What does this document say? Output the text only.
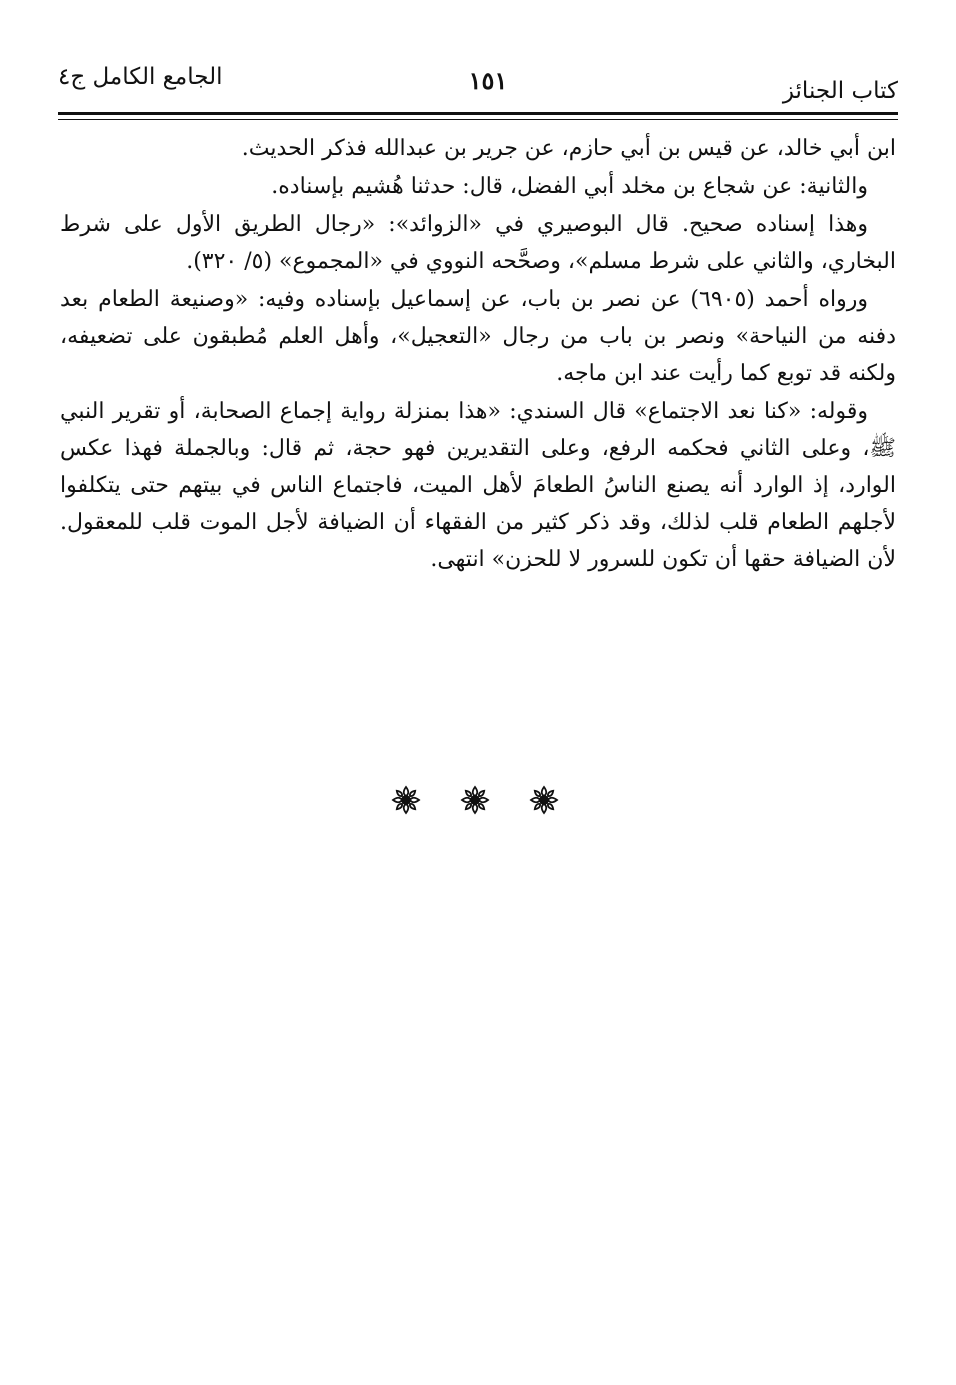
كتاب الجنائز
١٥١
الجامع الكامل ج٤

ابن أبي خالد، عن قيس بن أبي حازم، عن جرير بن عبدالله فذكر الحديث.

والثانية: عن شجاع بن مخلد أبي الفضل، قال: حدثنا هُشيم بإسناده.

وهذا إسناده صحيح. قال البوصيري في «الزوائد»: «رجال الطريق الأول على شرط البخاري، والثاني على شرط مسلم»، وصحَّحه النووي في «المجموع» (٥/ ٣٢٠).

ورواه أحمد (٦٩٠٥) عن نصر بن باب، عن إسماعيل بإسناده وفيه: «وصنيعة الطعام بعد دفنه من النياحة» ونصر بن باب من رجال «التعجيل»، وأهل العلم مُطبقون على تضعيفه، ولكنه قد توبع كما رأيت عند ابن ماجه.

وقوله: «كنا نعد الاجتماع» قال السندي: «هذا بمنزلة رواية إجماع الصحابة، أو تقرير النبي ﷺ، وعلى الثاني فحكمه الرفع، وعلى التقديرين فهو حجة، ثم قال: وبالجملة فهذا عكس الوارد، إذ الوارد أنه يصنع الناسُ الطعامَ لأهل الميت، فاجتماع الناس في بيتهم حتى يتكلفوا لأجلهم الطعام قلب لذلك، وقد ذكر كثير من الفقهاء أن الضيافة لأجل الموت قلب للمعقول. لأن الضيافة حقها أن تكون للسرور لا للحزن» انتهى.
